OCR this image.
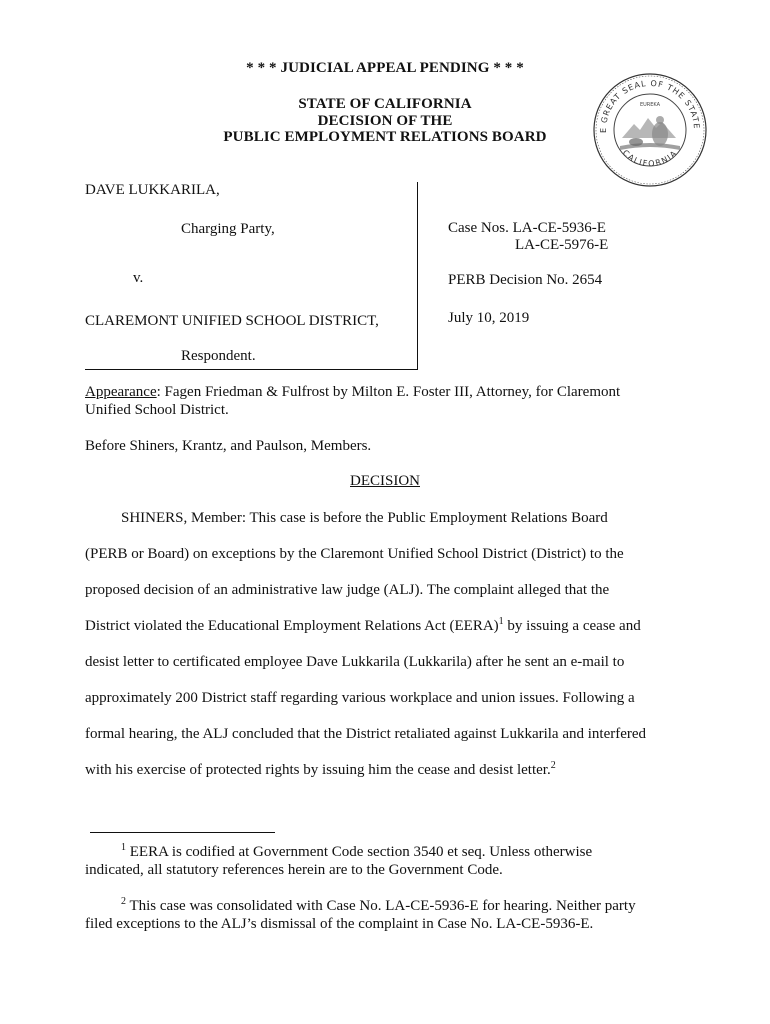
* * * JUDICIAL APPEAL PENDING * * *
STATE OF CALIFORNIA
DECISION OF THE
PUBLIC EMPLOYMENT RELATIONS BOARD	E GREAT SEAL OF THE STATE
CALIFORNIA
EUREKA
DAVE LUKKARILA,
Charging Party,
v.
CLAREMONT UNIFIED SCHOOL DISTRICT,
Respondent.
Case Nos. LA-CE-5936-E
LA-CE-5976-E
PERB Decision No. 2654
July 10, 2019
Appearance: Fagen Friedman & Fulfrost by Milton E. Foster III, Attorney, for Claremont
Unified School District.
Before Shiners, Krantz, and Paulson, Members.
DECISION
SHINERS, Member: This case is before the Public Employment Relations Board
(PERB or Board) on exceptions by the Claremont Unified School District (District) to the
proposed decision of an administrative law judge (ALJ). The complaint alleged that the
District violated the Educational Employment Relations Act (EERA)$^1$ by issuing a cease and
desist letter to certificated employee Dave Lukkarila (Lukkarila) after he sent an e-mail to
approximately 200 District staff regarding various workplace and union issues. Following a
formal hearing, the ALJ concluded that the District retaliated against Lukkarila and interfered
with his exercise of protected rights by issuing him the cease and desist letter.$^2$
$^1$ EERA is codified at Government Code section 3540 et seq. Unless otherwise
indicated, all statutory references herein are to the Government Code.
$^2$ This case was consolidated with Case No. LA-CE-5936-E for hearing. Neither party
filed exceptions to the ALJ’s dismissal of the complaint in Case No. LA-CE-5936-E.
